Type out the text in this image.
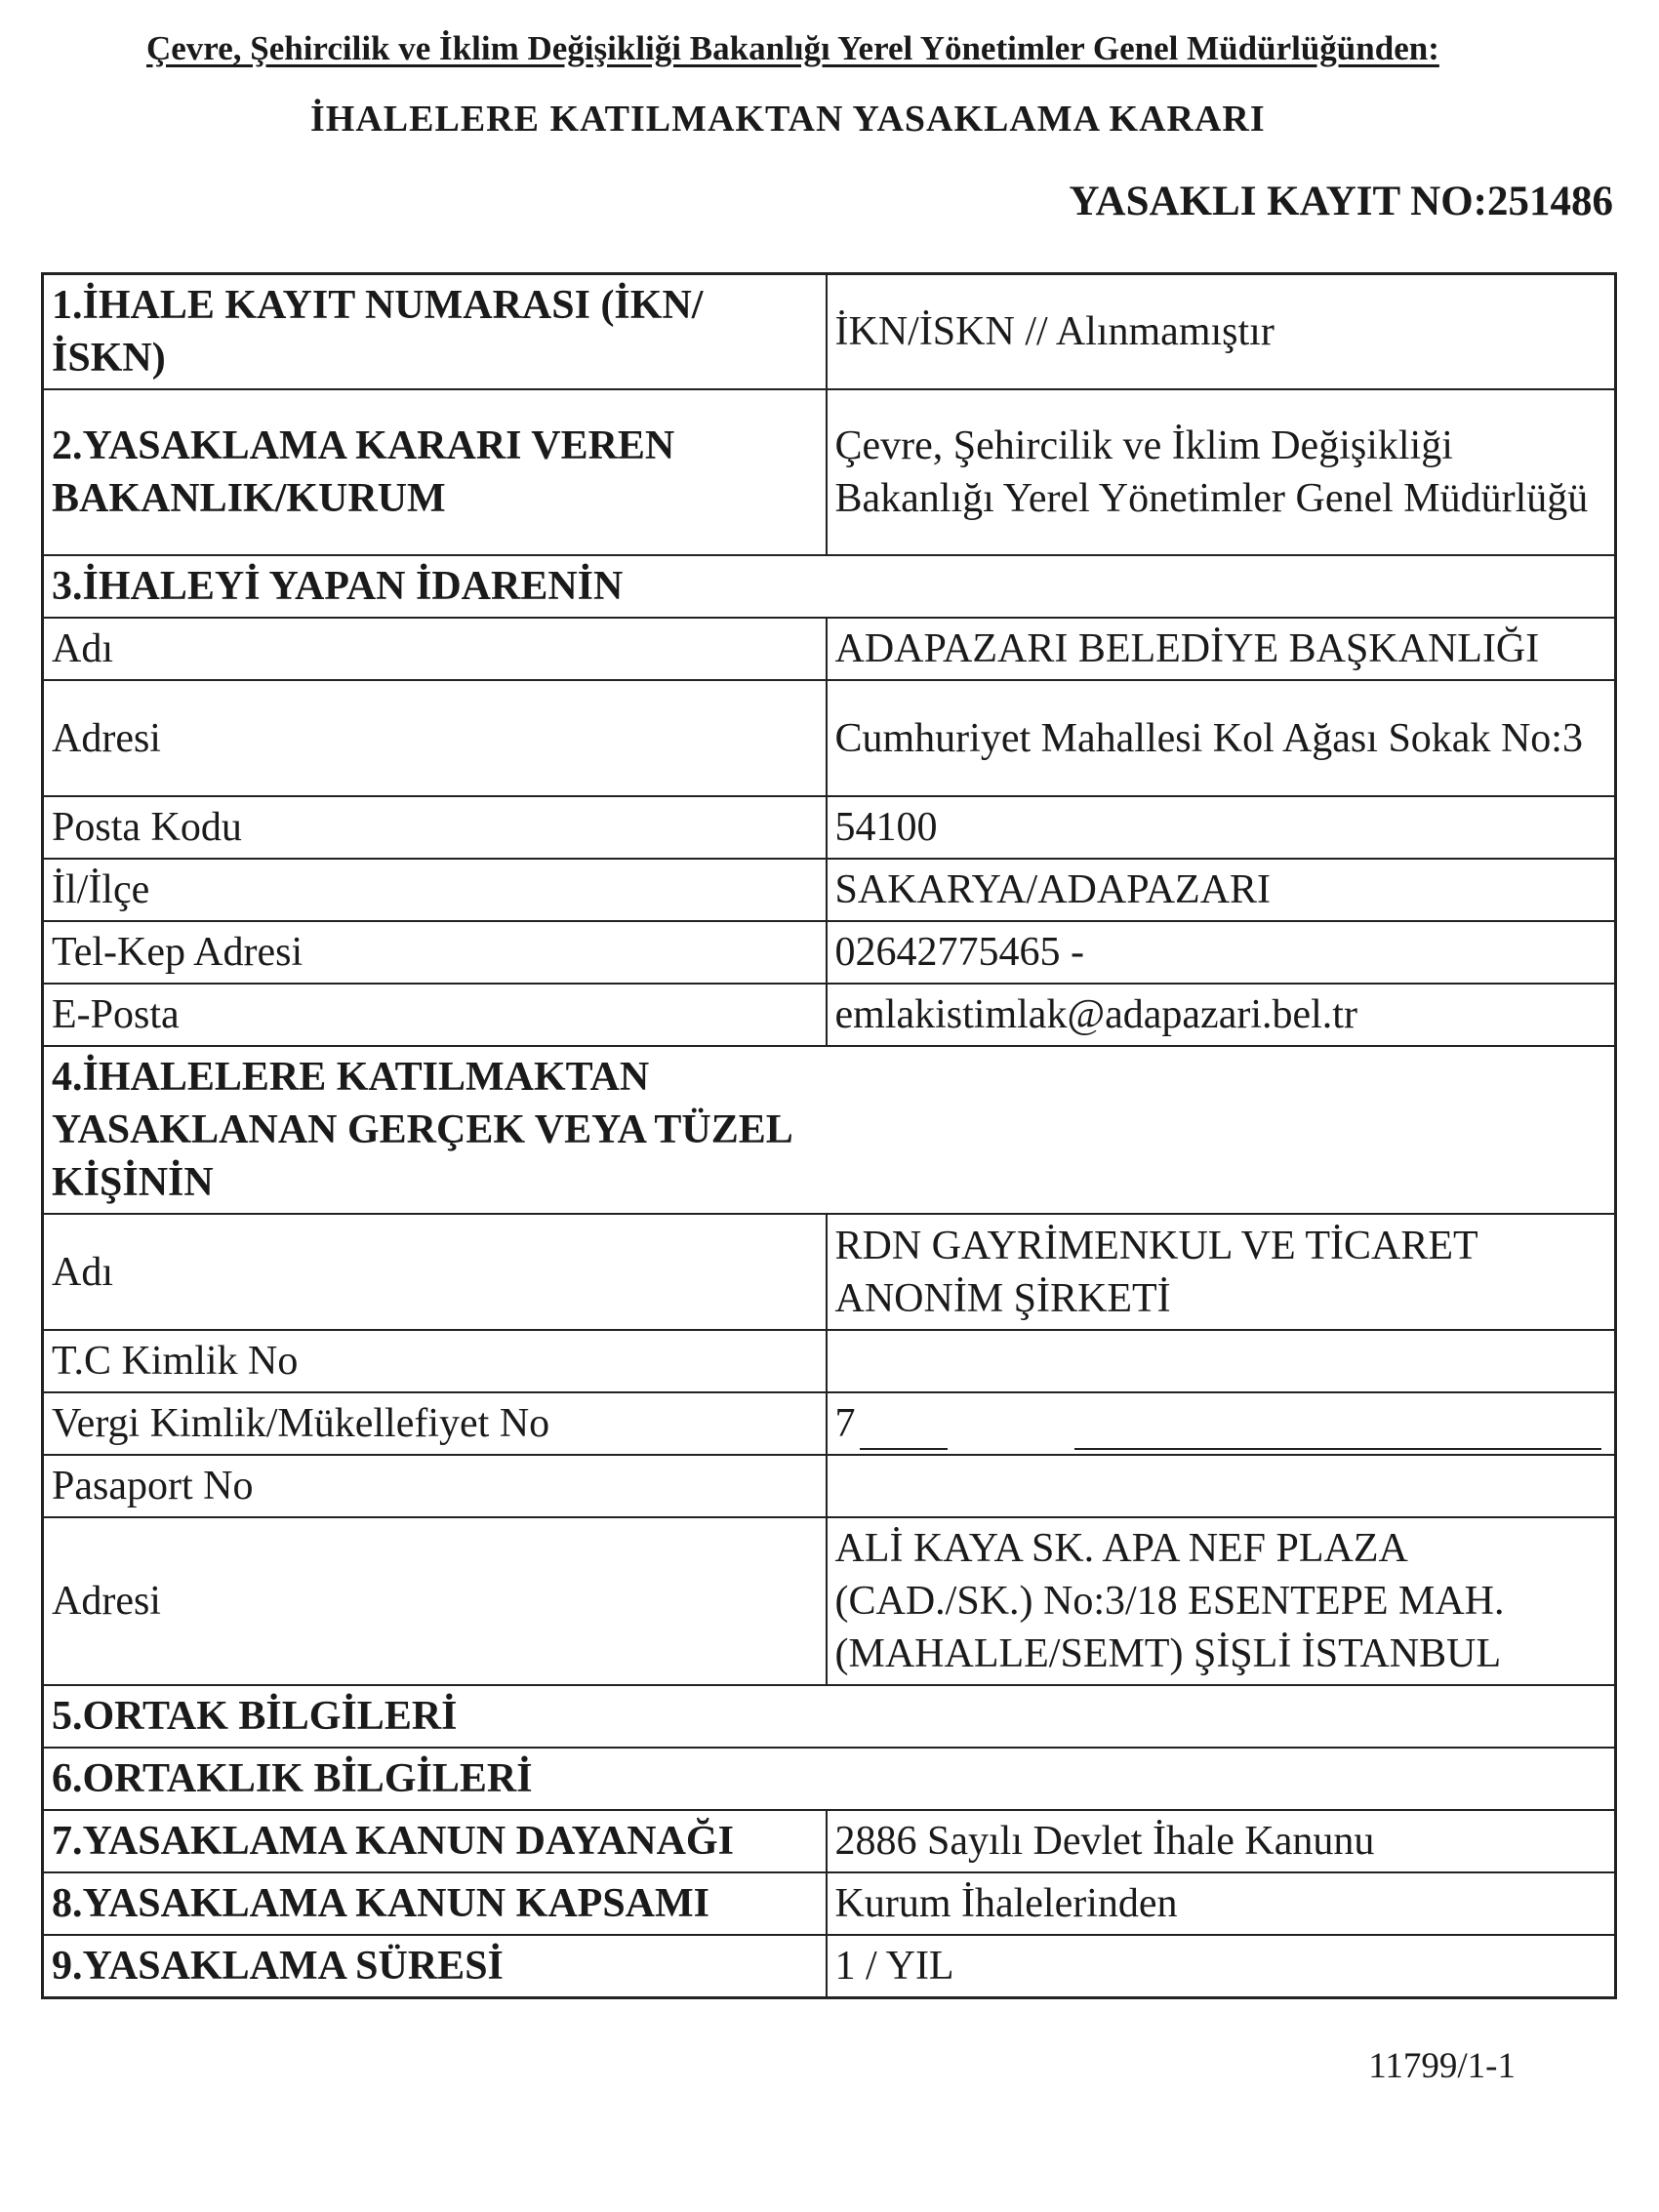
Çevre, Şehircilik ve İklim Değişikliği Bakanlığı Yerel Yönetimler Genel Müdürlüğünden:
İHALELERE KATILMAKTAN YASAKLAMA KARARI
YASAKLI KAYIT NO:251486
1.İHALE KAYIT NUMARASI (İKN/ İSKN)	İKN/İSKN // Alınmamıştır
2.YASAKLAMA KARARI VEREN BAKANLIK/KURUM	Çevre, Şehircilik ve İklim Değişikliği Bakanlığı Yerel Yönetimler Genel Müdürlüğü
3.İHALEYİ YAPAN İDARENİN	
Adı	ADAPAZARI BELEDİYE BAŞKANLIĞI
Adresi	Cumhuriyet Mahallesi Kol Ağası Sokak No:3
Posta Kodu	54100
İl/İlçe	SAKARYA/ADAPAZARI
Tel-Kep Adresi	02642775465 -
E-Posta	emlakistimlak@adapazari.bel.tr
4.İHALELERE KATILMAKTAN YASAKLANAN GERÇEK VEYA TÜZEL KİŞİNİN	
Adı	RDN GAYRİMENKUL VE TİCARET ANONİM ŞİRKETİ
T.C Kimlik No	
Vergi Kimlik/Mükellefiyet No	7
Pasaport No	
Adresi	ALİ KAYA SK. APA NEF PLAZA (CAD./SK.) No:3/18 ESENTEPE MAH. (MAHALLE/SEMT) ŞİŞLİ İSTANBUL
5.ORTAK BİLGİLERİ	
6.ORTAKLIK BİLGİLERİ	
7.YASAKLAMA KANUN DAYANAĞI	2886 Sayılı Devlet İhale Kanunu
8.YASAKLAMA KANUN KAPSAMI	Kurum İhalelerinden
9.YASAKLAMA SÜRESİ	1 / YIL
11799/1-1
